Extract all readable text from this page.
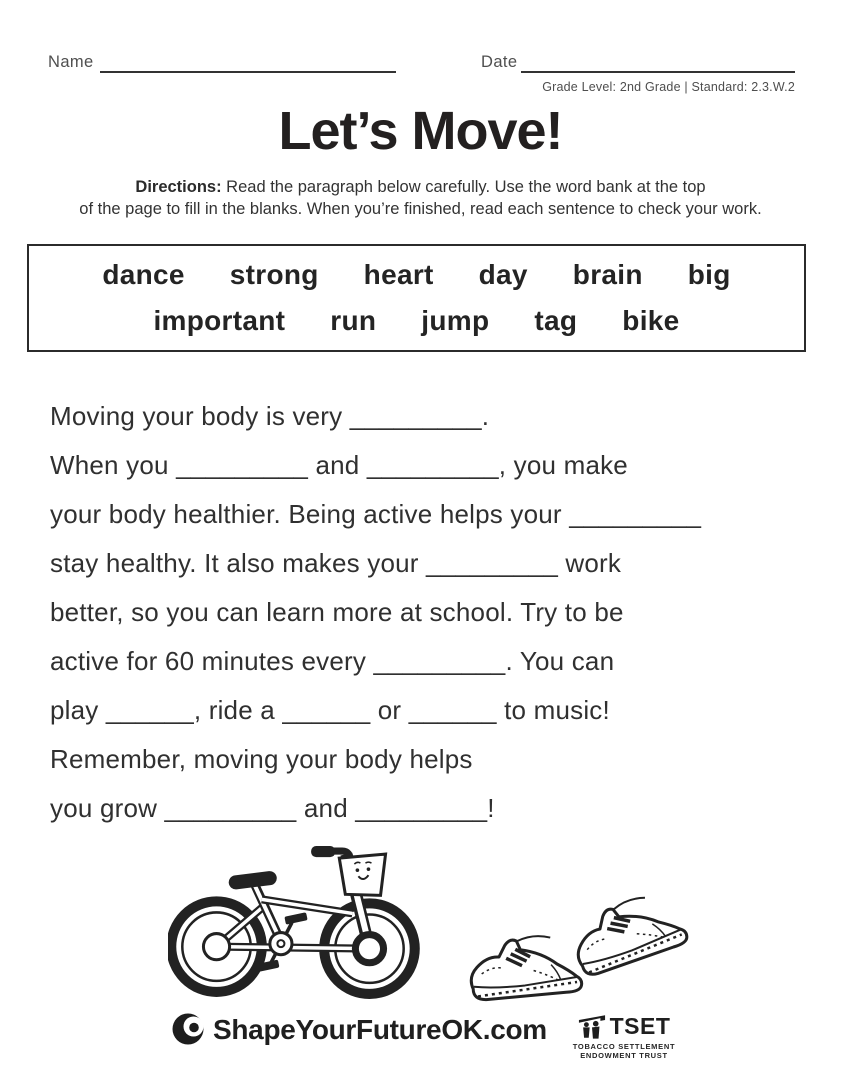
Name	Date
Grade Level: 2nd Grade | Standard: 2.3.W.2
Let’s Move!
Directions: Read the paragraph below carefully. Use the word bank at the top
of the page to fill in the blanks. When you’re finished, read each sentence to check your work.
dance strong heart day brain big
important run jump tag bike
Moving your body is very _________.
When you _________ and _________, you make
your body healthier. Being active helps your _________
stay healthy. It also makes your _________ work
better, so you can learn more at school. Try to be
active for 60 minutes every _________. You can
play ______, ride a ______ or ______ to music!
Remember, moving your body helps
you grow _________ and _________!
ShapeYourFutureOK.com	TSET
TOBACCO SETTLEMENT
ENDOWMENT TRUST
